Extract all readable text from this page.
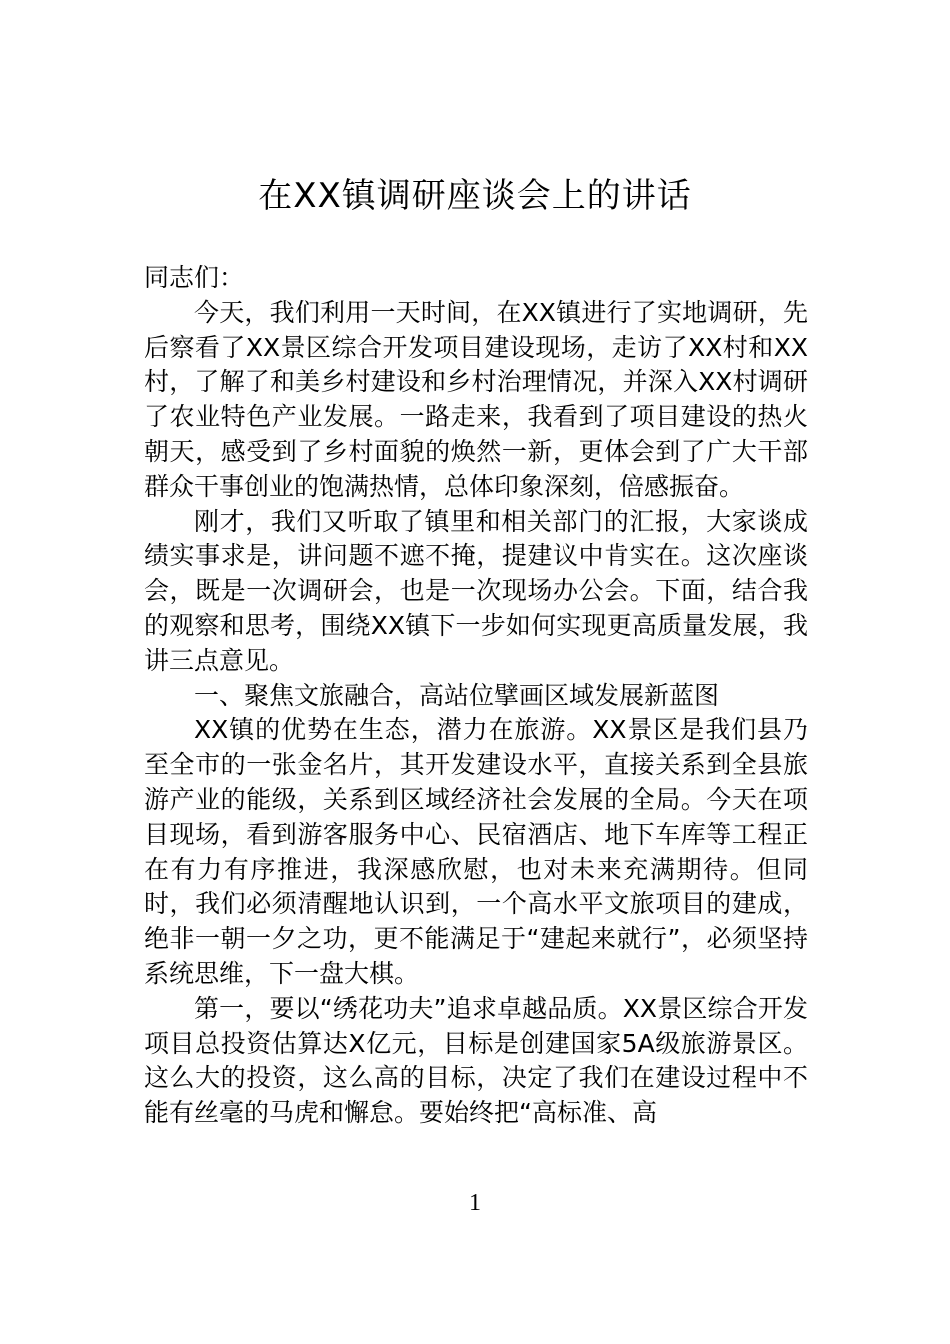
在XX镇调研座谈会上的讲话

同志们：

今天，我们利用一天时间，在XX镇进行了实地调研，先后察看了XX景区综合开发项目建设现场，走访了XX村和XX村，了解了和美乡村建设和乡村治理情况，并深入XX村调研了农业特色产业发展。一路走来，我看到了项目建设的热火朝天，感受到了乡村面貌的焕然一新，更体会到了广大干部群众干事创业的饱满热情，总体印象深刻，倍感振奋。

刚才，我们又听取了镇里和相关部门的汇报，大家谈成绩实事求是，讲问题不遮不掩，提建议中肯实在。这次座谈会，既是一次调研会，也是一次现场办公会。下面，结合我的观察和思考，围绕XX镇下一步如何实现更高质量发展，我讲三点意见。

一、聚焦文旅融合，高站位擘画区域发展新蓝图

XX镇的优势在生态，潜力在旅游。XX景区是我们县乃至全市的一张金名片，其开发建设水平，直接关系到全县旅游产业的能级，关系到区域经济社会发展的全局。今天在项目现场，看到游客服务中心、民宿酒店、地下车库等工程正在有力有序推进，我深感欣慰，也对未来充满期待。但同时，我们必须清醒地认识到，一个高水平文旅项目的建成，绝非一朝一夕之功，更不能满足于“建起来就行”，必须坚持系统思维，下一盘大棋。

第一，要以“绣花功夫”追求卓越品质。XX景区综合开发项目总投资估算达X亿元，目标是创建国家5A级旅游景区。这么大的投资，这么高的目标，决定了我们在建设过程中不能有丝毫的马虎和懈怠。要始终把“高标准、高

1
